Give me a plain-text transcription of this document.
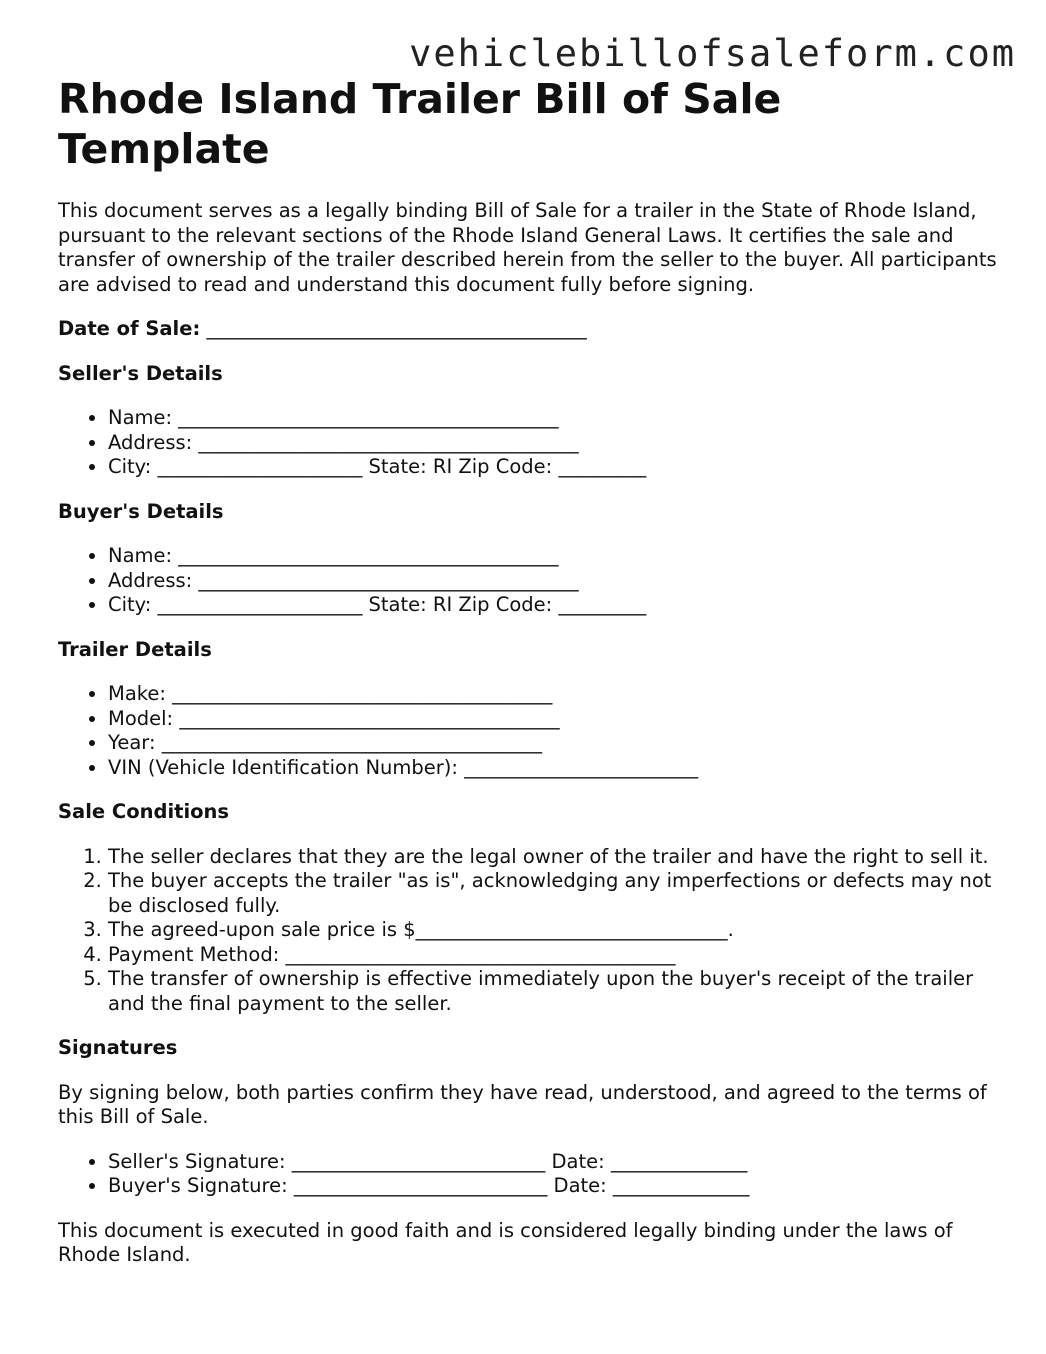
vehiclebillofsaleform.com
Rhode Island Trailer Bill of Sale Template

This document serves as a legally binding Bill of Sale for a trailer in the State of Rhode Island, pursuant to the relevant sections of the Rhode Island General Laws. It certifies the sale and transfer of ownership of the trailer described herein from the seller to the buyer. All participants are advised to read and understand this document fully before signing.

Date of Sale: _______________________________________

Seller's Details
• Name: _______________________________________
• Address: _______________________________________
• City: _____________________ State: RI Zip Code: _________
Buyer's Details
• Name: _______________________________________
• Address: _______________________________________
• City: _____________________ State: RI Zip Code: _________
Trailer Details
• Make: _______________________________________
• Model: _______________________________________
• Year: _______________________________________
• VIN (Vehicle Identification Number): ________________________
Sale Conditions
1. The seller declares that they are the legal owner of the trailer and have the right to sell it.
2. The buyer accepts the trailer "as is", acknowledging any imperfections or defects may not be disclosed fully.
3. The agreed-upon sale price is $________________________________.
4. Payment Method: ________________________________________
5. The transfer of ownership is effective immediately upon the buyer's receipt of the trailer and the final payment to the seller.
Signatures

By signing below, both parties confirm they have read, understood, and agreed to the terms of this Bill of Sale.

• Seller's Signature: __________________________ Date: ______________
• Buyer's Signature: __________________________ Date: ______________

This document is executed in good faith and is considered legally binding under the laws of Rhode Island.
